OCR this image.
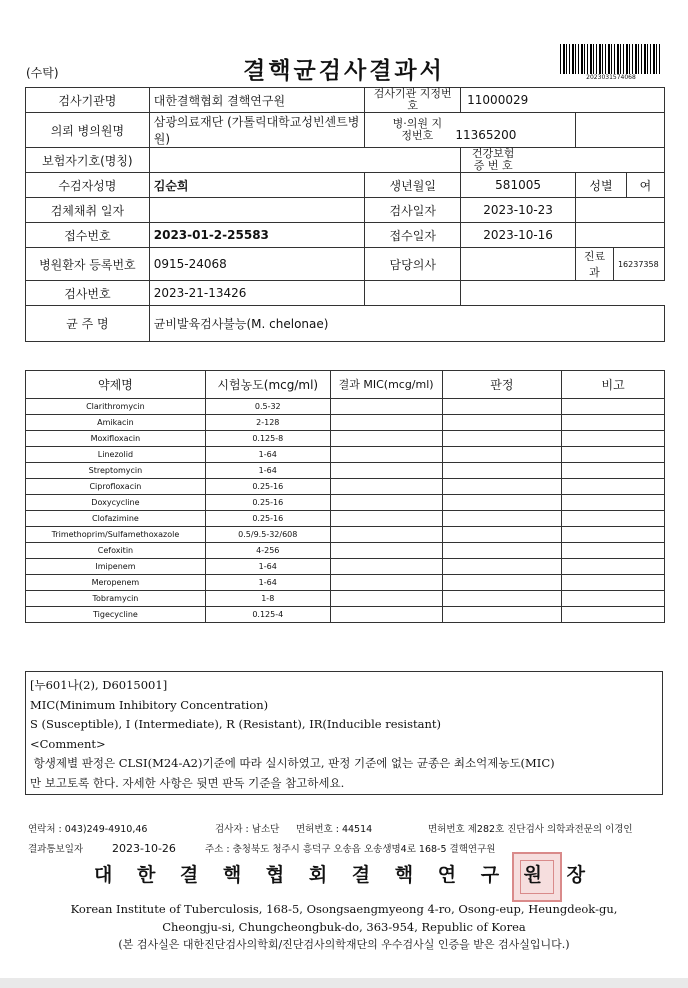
(수탁)	결핵균검사결과서	2023031574068
검사기관명	대한결핵협회 결핵연구원	검사기관 지정번호	11000029			
의뢰 병의원명	삼광의료재단 (가톨릭대학교성빈센트병원)	병·의원 지정번호 11365200				
보험자기호(명칭)			건강보험 증 번 호			
수검자성명	김순희	생년월일	581005	성별		여
검체채취 일자		검사일자	2023-10-23			
접수번호	2023-01-2-25583	접수일자	2023-10-16			
병원환자 등록번호	0915-24068	담당의사		진료과	16237358	
검사번호	2023-21-13426					
균 주 명	균비발육검사불능(M. chelonae)					
약제명	시험농도(mcg/ml)	결과 MIC(mcg/ml)	판정	비고
Clarithromycin	0.5-32			
Amikacin	2-128			
Moxifloxacin	0.125-8			
Linezolid	1-64			
Streptomycin	1-64			
Ciprofloxacin	0.25-16			
Doxycycline	0.25-16			
Clofazimine	0.25-16			
Trimethoprim/Sulfamethoxazole	0.5/9.5-32/608			
Cefoxitin	4-256			
Imipenem	1-64			
Meropenem	1-64			
Tobramycin	1-8			
Tigecycline	0.125-4			
[누601나(2), D6015001]
MIC(Minimum Inhibitory Concentration)
S (Susceptible), I (Intermediate), R (Resistant), IR(Inducible resistant)
<Comment>
항생제별 판정은 CLSI(M24-A2)기준에 따라 실시하였고, 판정 기준에 없는 균종은 최소억제농도(MIC)
만 보고토록 한다. 자세한 사항은 뒷면 판독 기준을 참고하세요.
연락처 : 043)249-4910,46	검사자 : 남소단 면허번호 : 44514	면허번호 제282호 진단검사 의학과전문의 이경인
결과통보일자	2023-10-26	주소 : 충청북도 청주시 흥덕구 오송읍 오송생명4로 168-5 결핵연구원
대 한 결 핵 협 회 결 핵 연 구 원 장
Korean Institute of Tuberculosis, 168-5, Osongsaengmyeong 4-ro, Osong-eup, Heungdeok-gu,
Cheongju-si, Chungcheongbuk-do, 363-954, Republic of Korea
(본 검사실은 대한진단검사의학회/진단검사의학재단의 우수검사실 인증을 받은 검사실입니다.)
